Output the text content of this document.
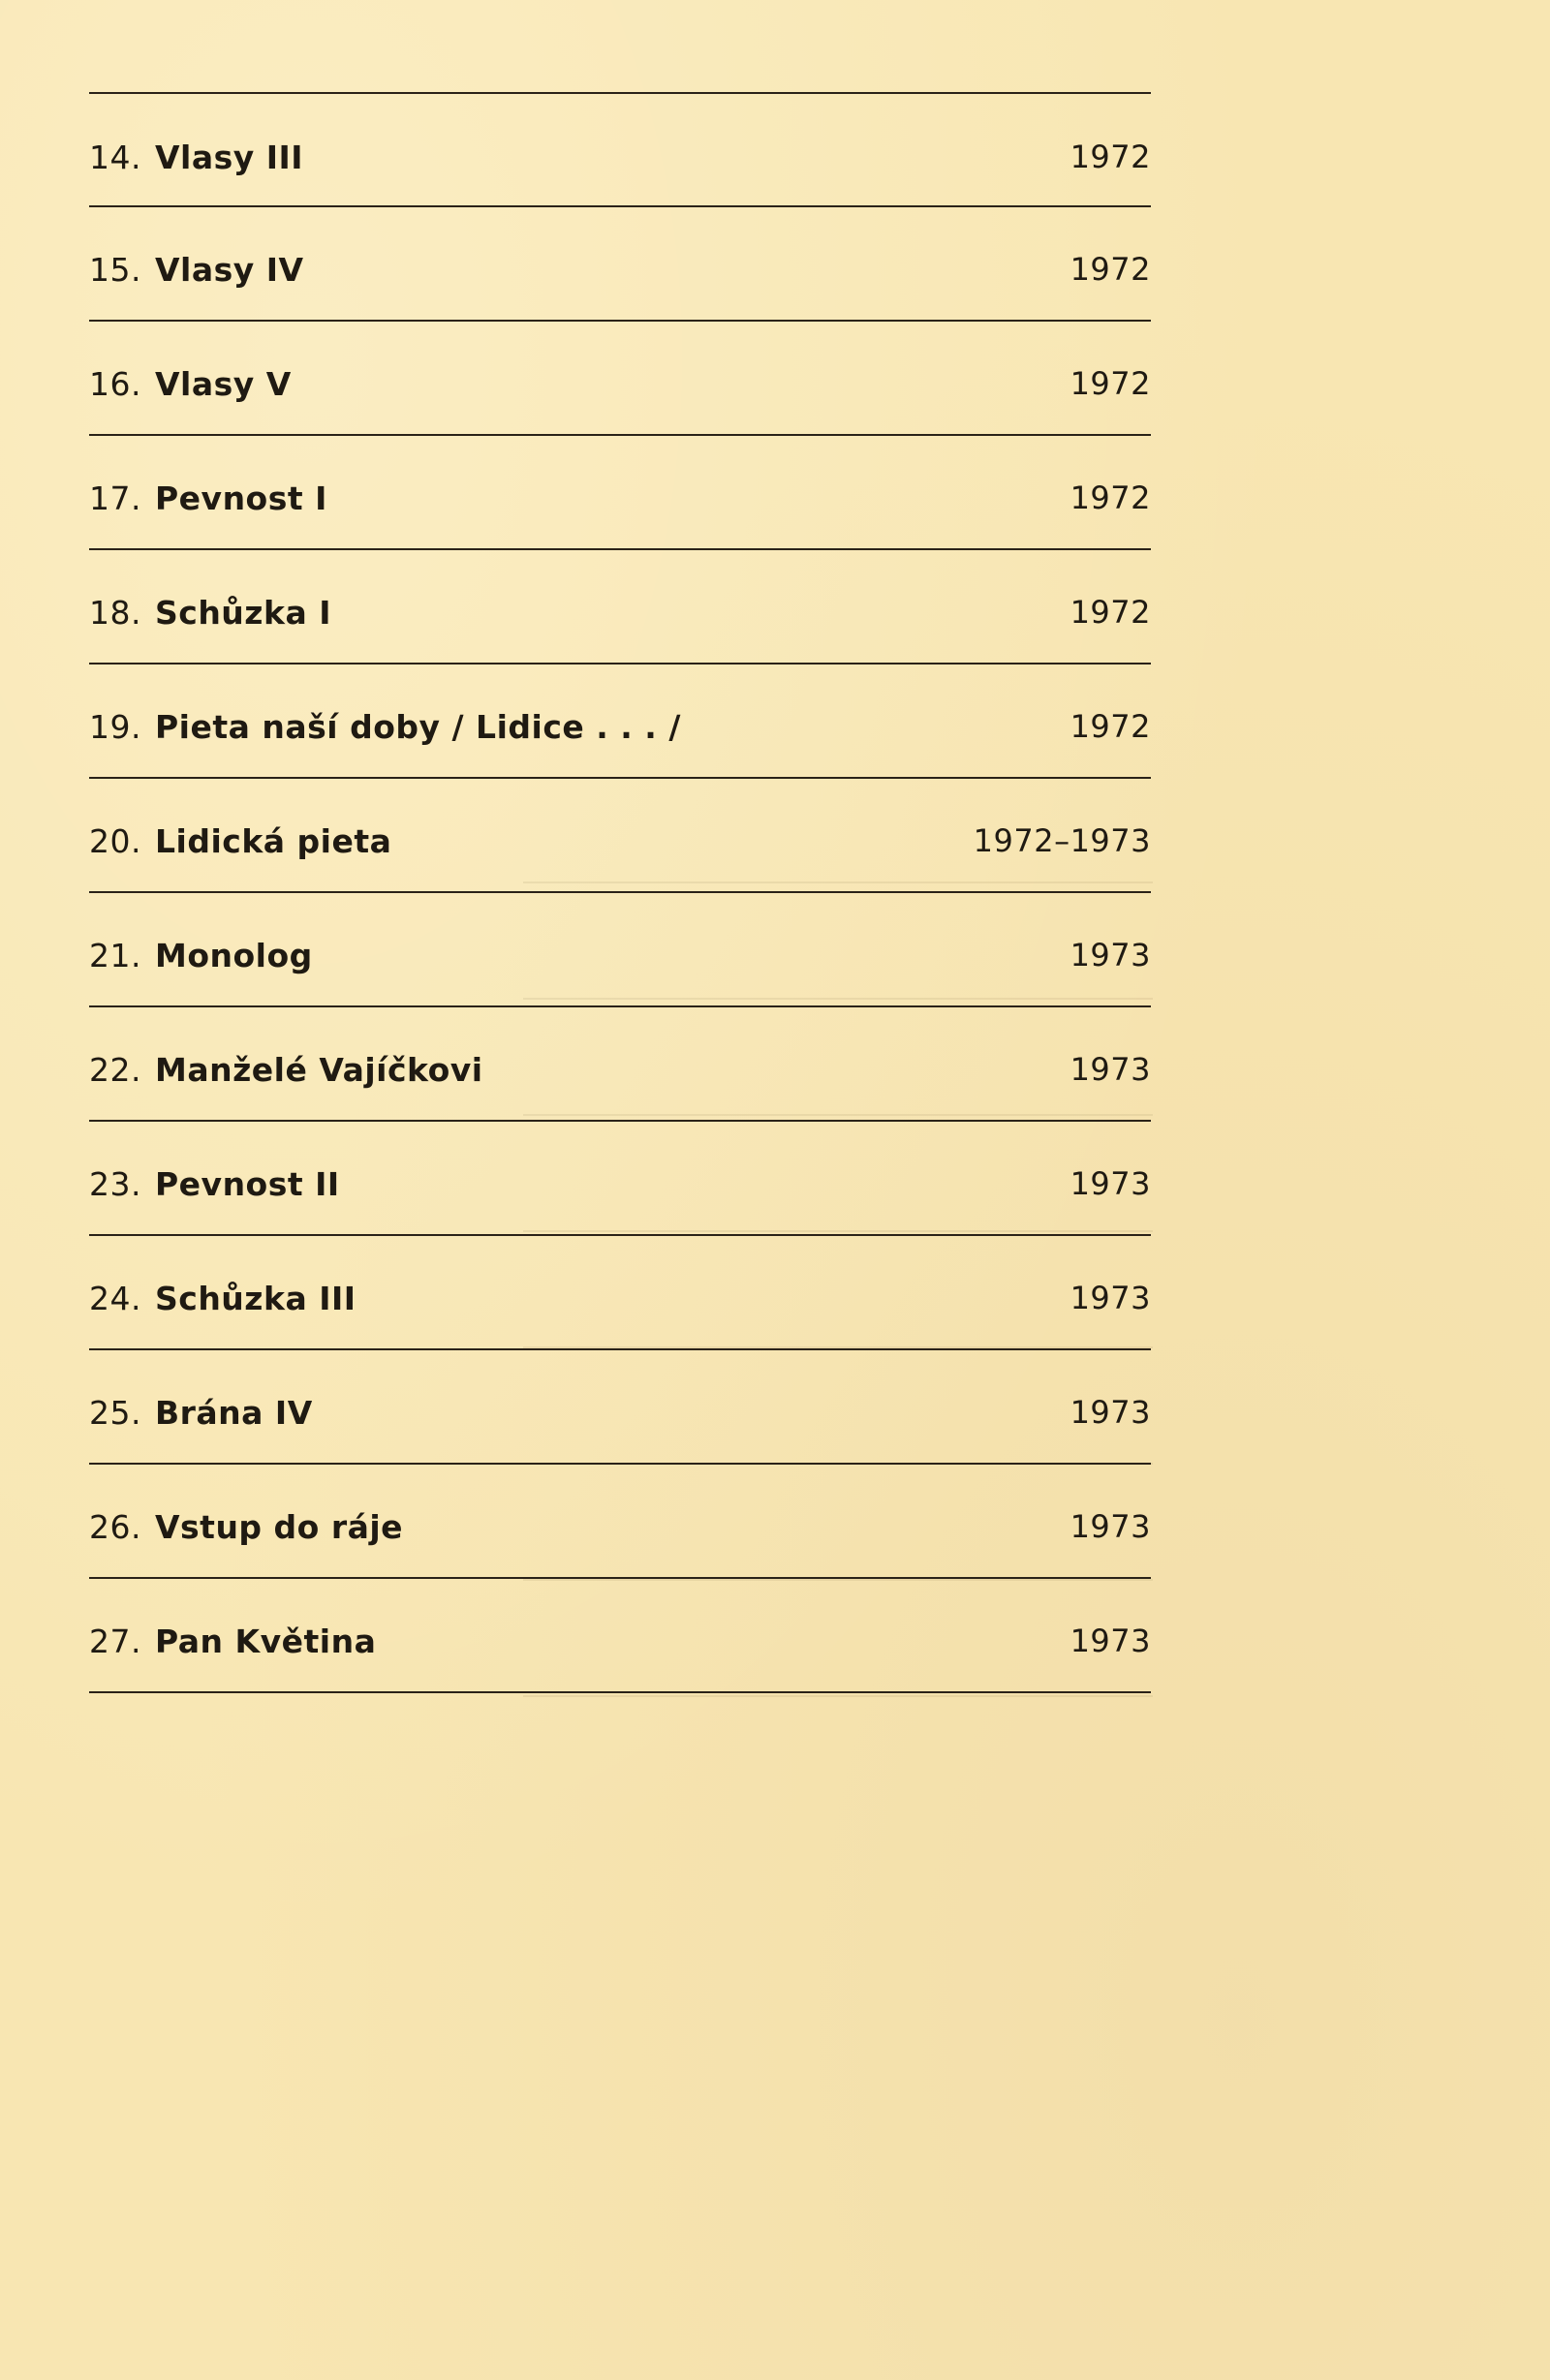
14. Vlasy III	1972
15. Vlasy IV	1972
16. Vlasy V	1972
17. Pevnost I	1972
18. Schůzka I	1972
19. Pieta naší doby / Lidice . . . /	1972
20. Lidická pieta	1972–1973
21. Monolog	1973
22. Manželé Vajíčkovi	1973
23. Pevnost II	1973
24. Schůzka III	1973
25. Brána IV	1973
26. Vstup do ráje	1973
27. Pan Květina	1973
